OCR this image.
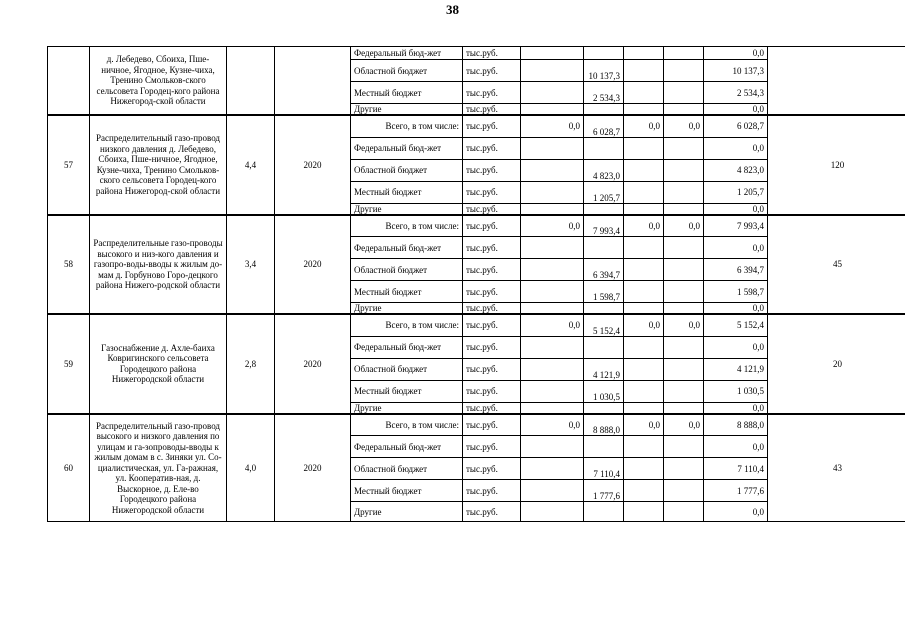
38
	д. Лебедево, Сбоиха, Пше-ничное, Ягодное, Кузне-чиха, Тренино Смольков-ского сельсовета Городец-кого района Нижегород-ской области			Федеральный бюд-жет	тыс.руб.					0,0	
				Областной бюджет	тыс.руб.		10 137,3			10 137,3	
				Местный бюджет	тыс.руб.		2 534,3			2 534,3	
				Другие	тыс.руб.					0,0	
57	Распределительный газо-провод низкого давления д. Лебедево, Сбоиха, Пше-ничное, Ягодное, Кузне-чиха, Тренино Смольков-ского сельсовета Городец-кого района Нижегород-ской области	4,4	2020	Всего, в том числе:	тыс.руб.	0,0	6 028,7	0,0	0,0	6 028,7	120
				Федеральный бюд-жет	тыс.руб.					0,0	
				Областной бюджет	тыс.руб.		4 823,0			4 823,0	
				Местный бюджет	тыс.руб.		1 205,7			1 205,7	
				Другие	тыс.руб.					0,0	
58	Распределительные газо-проводы высокого и низ-кого давления и газопро-воды-вводы к жилым до-мам д. Горбуново Горо-децкого района Нижего-родской области	3,4	2020	Всего, в том числе:	тыс.руб.	0,0	7 993,4	0,0	0,0	7 993,4	45
				Федеральный бюд-жет	тыс.руб.					0,0	
				Областной бюджет	тыс.руб.		6 394,7			6 394,7	
				Местный бюджет	тыс.руб.		1 598,7			1 598,7	
				Другие	тыс.руб.					0,0	
59	Газоснабжение д. Ахле-баиха Ковригинского сельсовета Городецкого района Нижегородской области	2,8	2020	Всего, в том числе:	тыс.руб.	0,0	5 152,4	0,0	0,0	5 152,4	20
				Федеральный бюд-жет	тыс.руб.					0,0	
				Областной бюджет	тыс.руб.		4 121,9			4 121,9	
				Местный бюджет	тыс.руб.		1 030,5			1 030,5	
				Другие	тыс.руб.					0,0	
60	Распределительный газо-провод высокого и низкого давления по улицам и га-зопроводы-вводы к жилым домам в с. Зиняки ул. Со-циалистическая, ул. Га-ражная, ул. Кооператив-ная, д. Выскорное, д. Еле-во Городецкого района Нижегородской области	4,0	2020	Всего, в том числе:	тыс.руб.	0,0	8 888,0	0,0	0,0	8 888,0	43
				Федеральный бюд-жет	тыс.руб.					0,0	
				Областной бюджет	тыс.руб.		7 110,4			7 110,4	
				Местный бюджет	тыс.руб.		1 777,6			1 777,6	
				Другие	тыс.руб.					0,0	
